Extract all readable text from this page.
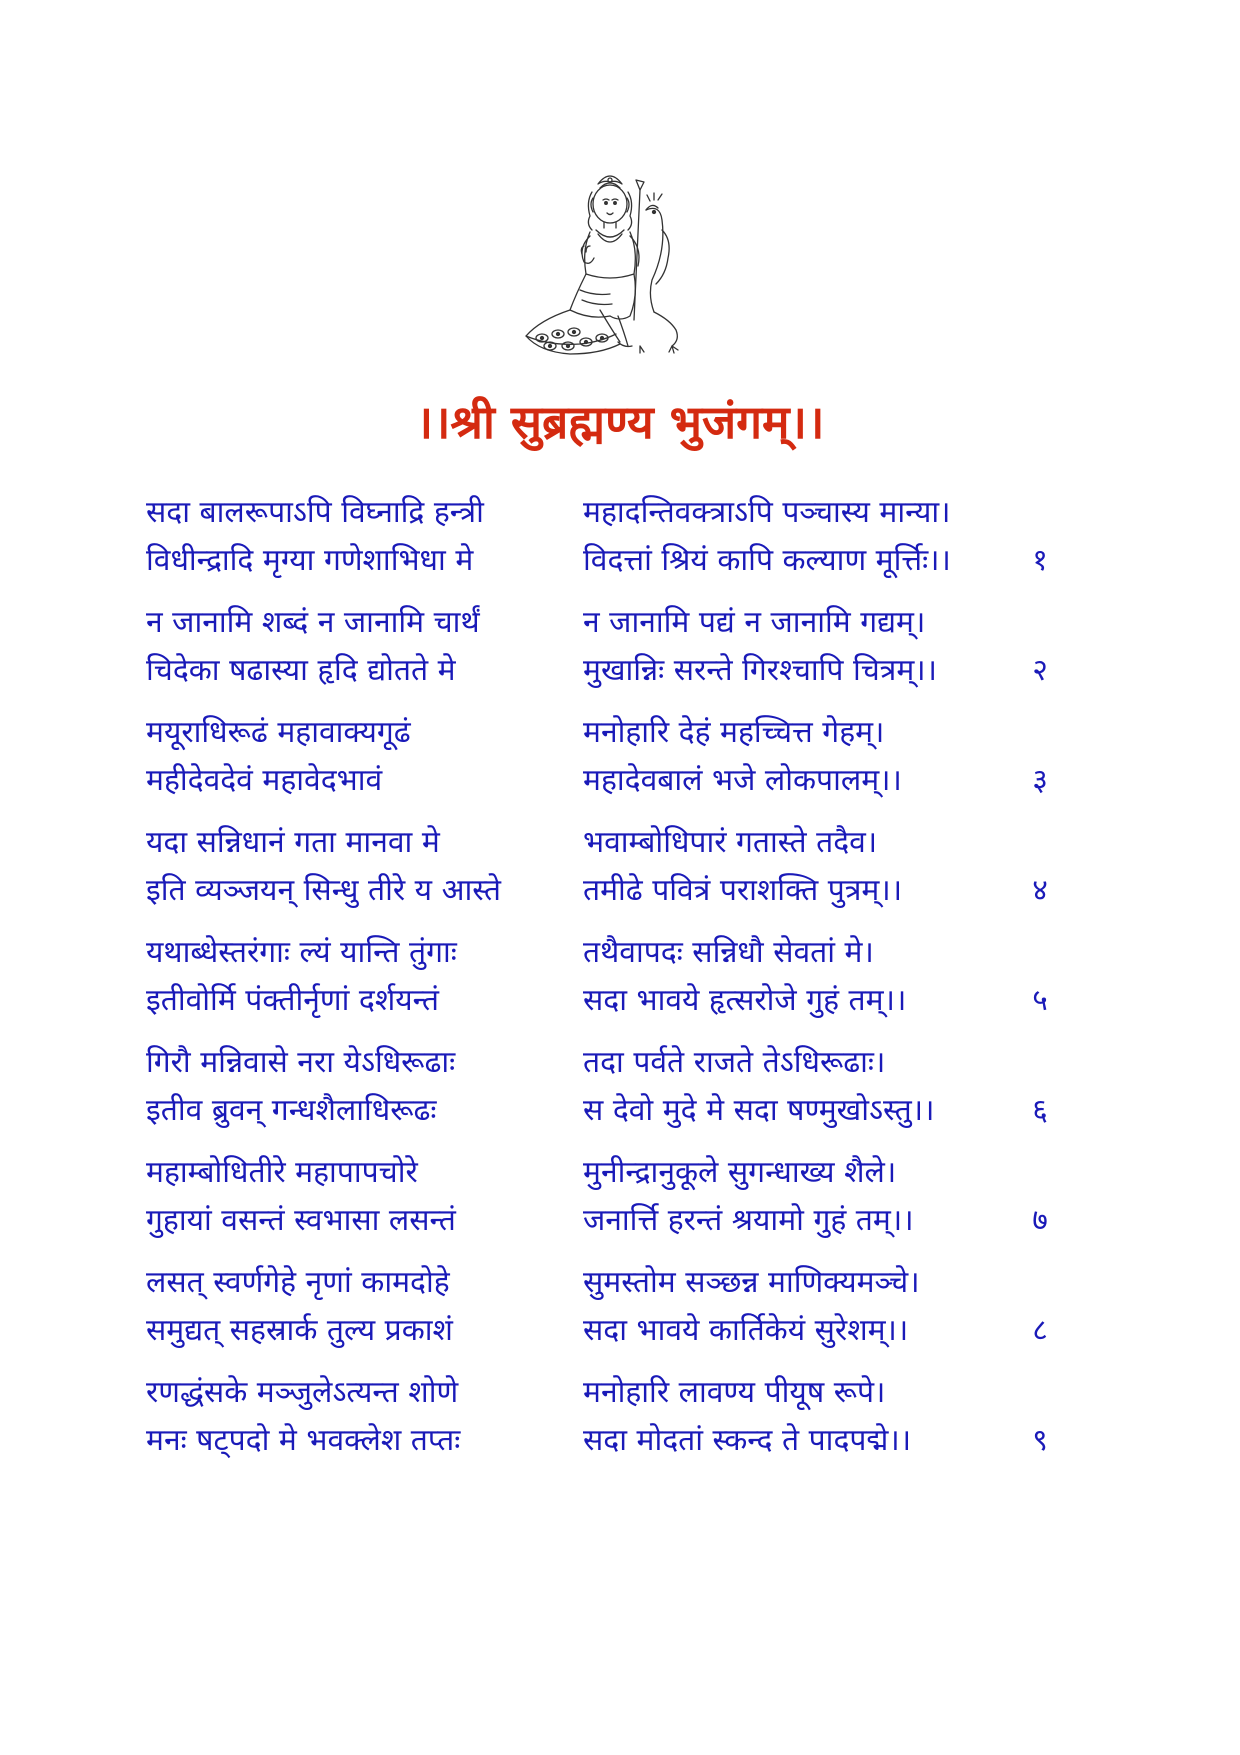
।।श्री सुब्रह्मण्य भुजंगम्।।
सदा बालरूपाऽपि विघ्नाद्रि हन्त्री	महादन्तिवक्त्राऽपि पञ्चास्य मान्या।
विधीन्द्रादि मृग्या गणेशाभिधा मे	विदत्तां श्रियं कापि कल्याण मूर्त्तिः।।	१
न जानामि शब्दं न जानामि चार्थं	न जानामि पद्यं न जानामि गद्यम्।
चिदेका षढास्या हृदि द्योतते मे	मुखान्निः सरन्ते गिरश्चापि चित्रम्।।	२
मयूराधिरूढं महावाक्यगूढं	मनोहारि देहं महच्चित्त गेहम्।
महीदेवदेवं महावेदभावं	महादेवबालं भजे लोकपालम्।।	३
यदा सन्निधानं गता मानवा मे	भवाम्बोधिपारं गतास्ते तदैव।
इति व्यञ्जयन् सिन्धु तीरे य आस्ते	तमीढे पवित्रं पराशक्ति पुत्रम्।।	४
यथाब्धेस्तरंगाः ल्यं यान्ति तुंगाः	तथैवापदः सन्निधौ सेवतां मे।
इतीवोर्मि पंक्तीर्नृणां दर्शयन्तं	सदा भावये हृत्सरोजे गुहं तम्।।	५
गिरौ मन्निवासे नरा येऽधिरूढाः	तदा पर्वते राजते तेऽधिरूढाः।
इतीव ब्रुवन् गन्धशैलाधिरूढः	स देवो मुदे मे सदा षण्मुखोऽस्तु।।	६
महाम्बोधितीरे महापापचोरे	मुनीन्द्रानुकूले सुगन्धाख्य शैले।
गुहायां वसन्तं स्वभासा लसन्तं	जनार्त्ति हरन्तं श्रयामो गुहं तम्।।	७
लसत् स्वर्णगेहे नृणां कामदोहे	सुमस्तोम सञ्छन्न माणिक्यमञ्चे।
समुद्यत् सहस्रार्क तुल्य प्रकाशं	सदा भावये कार्तिकेयं सुरेशम्।।	८
रणद्धंसके मञ्जुलेऽत्यन्त शोणे	मनोहारि लावण्य पीयूष रूपे।
मनः षट्पदो मे भवक्लेश तप्तः	सदा मोदतां स्कन्द ते पादपद्मे।।	९
